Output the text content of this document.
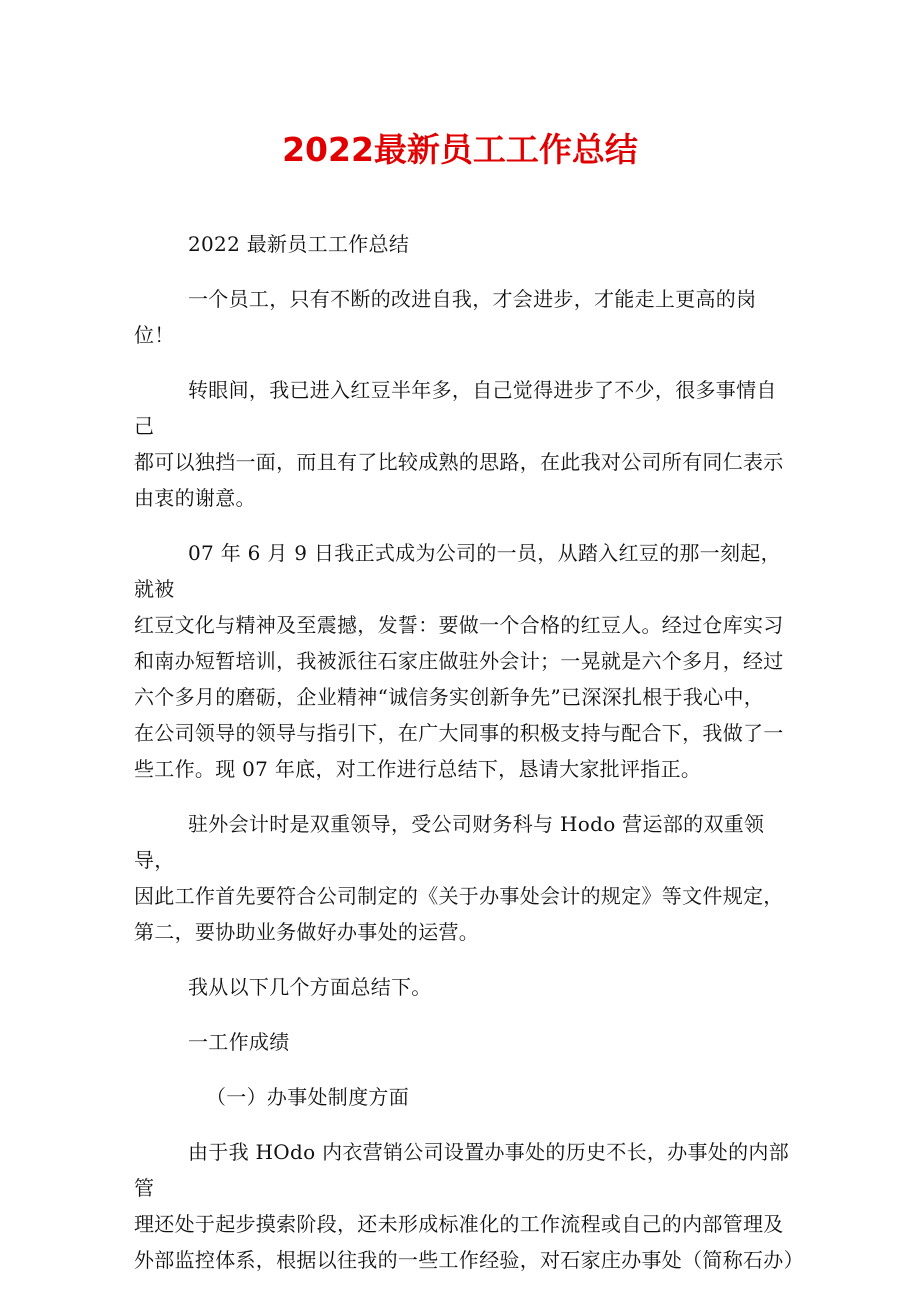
2022最新员工工作总结

2022 最新员工工作总结

一个员工，只有不断的改进自我，才会进步，才能走上更高的岗位！

转眼间，我已进入红豆半年多，自己觉得进步了不少，很多事情自己
都可以独挡一面，而且有了比较成熟的思路，在此我对公司所有同仁表示
由衷的谢意。

07 年 6 月 9 日我正式成为公司的一员，从踏入红豆的那一刻起，就被
红豆文化与精神及至震撼，发誓：要做一个合格的红豆人。经过仓库实习
和南办短暂培训，我被派往石家庄做驻外会计；一晃就是六个多月，经过
六个多月的磨砺，企业精神“诚信务实创新争先”已深深扎根于我心中，
在公司领导的领导与指引下，在广大同事的积极支持与配合下，我做了一
些工作。现 07 年底，对工作进行总结下，恳请大家批评指正。

驻外会计时是双重领导，受公司财务科与 Hodo 营运部的双重领导，
因此工作首先要符合公司制定的《关于办事处会计的规定》等文件规定，
第二，要协助业务做好办事处的运营。

我从以下几个方面总结下。

一工作成绩

（一）办事处制度方面

由于我 HOdo 内衣营销公司设置办事处的历史不长，办事处的内部管
理还处于起步摸索阶段，还未形成标准化的工作流程或自己的内部管理及
外部监控体系，根据以往我的一些工作经验，对石家庄办事处（简称石办）
